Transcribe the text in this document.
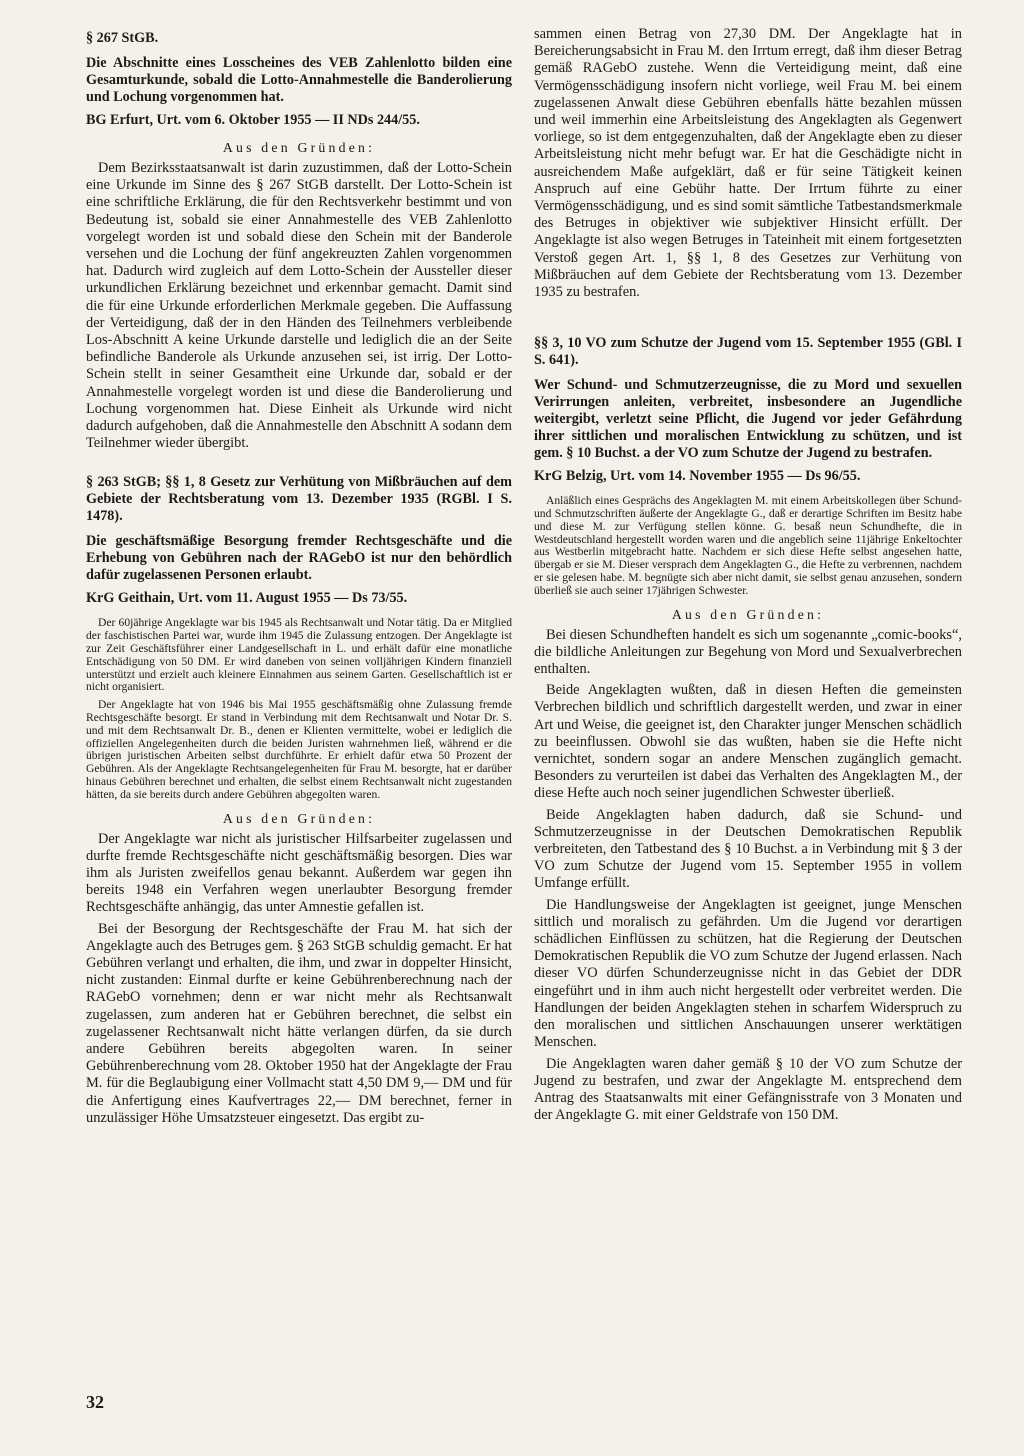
§ 267 StGB.
Die Abschnitte eines Losscheines des VEB Zahlenlotto bilden eine Gesamturkunde, sobald die Lotto-Annahmestelle die Banderolierung und Lochung vorgenommen hat.
BG Erfurt, Urt. vom 6. Oktober 1955 — II NDs 244/55.
Aus den Gründen:
Dem Bezirksstaatsanwalt ist darin zuzustimmen, daß der Lotto-Schein eine Urkunde im Sinne des § 267 StGB darstellt. Der Lotto-Schein ist eine schriftliche Erklärung, die für den Rechtsverkehr bestimmt und von Bedeutung ist, sobald sie einer Annahmestelle des VEB Zahlenlotto vorgelegt worden ist und sobald diese den Schein mit der Banderole versehen und die Lochung der fünf angekreuzten Zahlen vorgenommen hat. Dadurch wird zugleich auf dem Lotto-Schein der Aussteller dieser urkundlichen Erklärung bezeichnet und erkennbar gemacht. Damit sind die für eine Urkunde erforderlichen Merkmale gegeben. Die Auffassung der Verteidigung, daß der in den Händen des Teilnehmers verbleibende Los-Abschnitt A keine Urkunde darstelle und lediglich die an der Seite befindliche Banderole als Urkunde anzusehen sei, ist irrig. Der Lotto-Schein stellt in seiner Gesamtheit eine Urkunde dar, sobald er der Annahmestelle vorgelegt worden ist und diese die Banderolierung und Lochung vorgenommen hat. Diese Einheit als Urkunde wird nicht dadurch aufgehoben, daß die Annahmestelle den Abschnitt A sodann dem Teilnehmer wieder übergibt.
§ 263 StGB; §§ 1, 8 Gesetz zur Verhütung von Mißbräuchen auf dem Gebiete der Rechtsberatung vom 13. Dezember 1935 (RGBl. I S. 1478).
Die geschäftsmäßige Besorgung fremder Rechtsgeschäfte und die Erhebung von Gebühren nach der RAGebO ist nur den behördlich dafür zugelassenen Personen erlaubt.
KrG Geithain, Urt. vom 11. August 1955 — Ds 73/55.
Der 60jährige Angeklagte war bis 1945 als Rechtsanwalt und Notar tätig. Da er Mitglied der faschistischen Partei war, wurde ihm 1945 die Zulassung entzogen. Der Angeklagte ist zur Zeit Geschäftsführer einer Landgesellschaft in L. und erhält dafür eine monatliche Entschädigung von 50 DM. Er wird daneben von seinen volljährigen Kindern finanziell unterstützt und erzielt auch kleinere Einnahmen aus seinem Garten. Gesellschaftlich ist er nicht organisiert.
Der Angeklagte hat von 1946 bis Mai 1955 geschäftsmäßig ohne Zulassung fremde Rechtsgeschäfte besorgt. Er stand in Verbindung mit dem Rechtsanwalt und Notar Dr. S. und mit dem Rechtsanwalt Dr. B., denen er Klienten vermittelte, wobei er lediglich die offiziellen Angelegenheiten durch die beiden Juristen wahrnehmen ließ, während er die übrigen juristischen Arbeiten selbst durchführte. Er erhielt dafür etwa 50 Prozent der Gebühren. Als der Angeklagte Rechtsangelegenheiten für Frau M. besorgte, hat er darüber hinaus Gebühren berechnet und erhalten, die selbst einem Rechtsanwalt nicht zugestanden hätten, da sie bereits durch andere Gebühren abgegolten waren.
Aus den Gründen:
Der Angeklagte war nicht als juristischer Hilfsarbeiter zugelassen und durfte fremde Rechtsgeschäfte nicht geschäftsmäßig besorgen. Dies war ihm als Juristen zweifellos genau bekannt. Außerdem war gegen ihn bereits 1948 ein Verfahren wegen unerlaubter Besorgung fremder Rechtsgeschäfte anhängig, das unter Amnestie gefallen ist.
Bei der Besorgung der Rechtsgeschäfte der Frau M. hat sich der Angeklagte auch des Betruges gem. § 263 StGB schuldig gemacht. Er hat Gebühren verlangt und erhalten, die ihm, und zwar in doppelter Hinsicht, nicht zustanden: Einmal durfte er keine Gebührenberechnung nach der RAGebO vornehmen; denn er war nicht mehr als Rechtsanwalt zugelassen, zum anderen hat er Gebühren berechnet, die selbst ein zugelassener Rechtsanwalt nicht hätte verlangen dürfen, da sie durch andere Gebühren bereits abgegolten waren. In seiner Gebührenberechnung vom 28. Oktober 1950 hat der Angeklagte der Frau M. für die Beglaubigung einer Vollmacht statt 4,50 DM 9,— DM und für die Anfertigung eines Kaufvertrages 22,— DM berechnet, ferner in unzulässiger Höhe Umsatzsteuer eingesetzt. Das ergibt zu-
sammen einen Betrag von 27,30 DM. Der Angeklagte hat in Bereicherungsabsicht in Frau M. den Irrtum erregt, daß ihm dieser Betrag gemäß RAGebO zustehe. Wenn die Verteidigung meint, daß eine Vermögensschädigung insofern nicht vorliege, weil Frau M. bei einem zugelassenen Anwalt diese Gebühren ebenfalls hätte bezahlen müssen und weil immerhin eine Arbeitsleistung des Angeklagten als Gegenwert vorliege, so ist dem entgegenzuhalten, daß der Angeklagte eben zu dieser Arbeitsleistung nicht mehr befugt war. Er hat die Geschädigte nicht in ausreichendem Maße aufgeklärt, daß er für seine Tätigkeit keinen Anspruch auf eine Gebühr hatte. Der Irrtum führte zu einer Vermögensschädigung, und es sind somit sämtliche Tatbestandsmerkmale des Betruges in objektiver wie subjektiver Hinsicht erfüllt. Der Angeklagte ist also wegen Betruges in Tateinheit mit einem fortgesetzten Verstoß gegen Art. 1, §§ 1, 8 des Gesetzes zur Verhütung von Mißbräuchen auf dem Gebiete der Rechtsberatung vom 13. Dezember 1935 zu bestrafen.
§§ 3, 10 VO zum Schutze der Jugend vom 15. September 1955 (GBl. I S. 641).
Wer Schund- und Schmutzerzeugnisse, die zu Mord und sexuellen Verirrungen anleiten, verbreitet, insbesondere an Jugendliche weitergibt, verletzt seine Pflicht, die Jugend vor jeder Gefährdung ihrer sittlichen und moralischen Entwicklung zu schützen, und ist gem. § 10 Buchst. a der VO zum Schutze der Jugend zu bestrafen.
KrG Belzig, Urt. vom 14. November 1955 — Ds 96/55.
Anläßlich eines Gesprächs des Angeklagten M. mit einem Arbeitskollegen über Schund- und Schmutzschriften äußerte der Angeklagte G., daß er derartige Schriften im Besitz habe und diese M. zur Verfügung stellen könne. G. besaß neun Schundhefte, die in Westdeutschland hergestellt worden waren und die angeblich seine 11jährige Enkeltochter aus Westberlin mitgebracht hatte. Nachdem er sich diese Hefte selbst angesehen hatte, übergab er sie M. Dieser versprach dem Angeklagten G., die Hefte zu verbrennen, nachdem er sie gelesen habe. M. begnügte sich aber nicht damit, sie selbst genau anzusehen, sondern überließ sie auch seiner 17jährigen Schwester.
Aus den Gründen:
Bei diesen Schundheften handelt es sich um sogenannte „comic-books“, die bildliche Anleitungen zur Begehung von Mord und Sexualverbrechen enthalten.
Beide Angeklagten wußten, daß in diesen Heften die gemeinsten Verbrechen bildlich und schriftlich dargestellt werden, und zwar in einer Art und Weise, die geeignet ist, den Charakter junger Menschen schädlich zu beeinflussen. Obwohl sie das wußten, haben sie die Hefte nicht vernichtet, sondern sogar an andere Menschen zugänglich gemacht. Besonders zu verurteilen ist dabei das Verhalten des Angeklagten M., der diese Hefte auch noch seiner jugendlichen Schwester überließ.
Beide Angeklagten haben dadurch, daß sie Schund- und Schmutzerzeugnisse in der Deutschen Demokratischen Republik verbreiteten, den Tatbestand des § 10 Buchst. a in Verbindung mit § 3 der VO zum Schutze der Jugend vom 15. September 1955 in vollem Umfange erfüllt.
Die Handlungsweise der Angeklagten ist geeignet, junge Menschen sittlich und moralisch zu gefährden. Um die Jugend vor derartigen schädlichen Einflüssen zu schützen, hat die Regierung der Deutschen Demokratischen Republik die VO zum Schutze der Jugend erlassen. Nach dieser VO dürfen Schunderzeugnisse nicht in das Gebiet der DDR eingeführt und in ihm auch nicht hergestellt oder verbreitet werden. Die Handlungen der beiden Angeklagten stehen in scharfem Widerspruch zu den moralischen und sittlichen Anschauungen unserer werktätigen Menschen.
Die Angeklagten waren daher gemäß § 10 der VO zum Schutze der Jugend zu bestrafen, und zwar der Angeklagte M. entsprechend dem Antrag des Staatsanwalts mit einer Gefängnisstrafe von 3 Monaten und der Angeklagte G. mit einer Geldstrafe von 150 DM.
32
